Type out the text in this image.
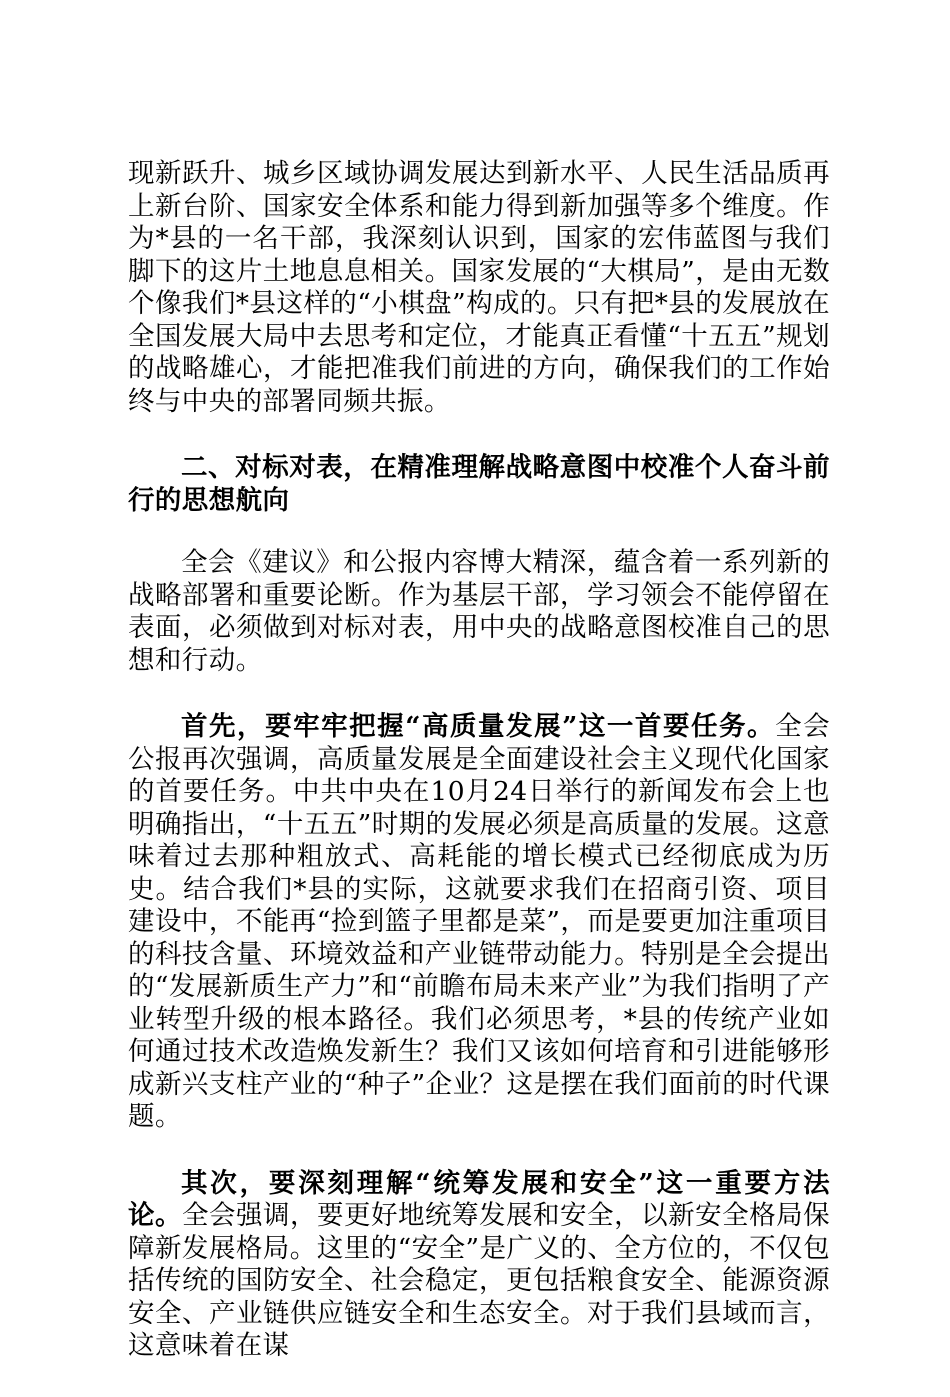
现新跃升、城乡区域协调发展达到新水平、人民生活品质再上新台阶、国家安全体系和能力得到新加强等多个维度。作为*县的一名干部，我深刻认识到，国家的宏伟蓝图与我们脚下的这片土地息息相关。国家发展的“大棋局”，是由无数个像我们*县这样的“小棋盘”构成的。只有把*县的发展放在全国发展大局中去思考和定位，才能真正看懂“十五五”规划的战略雄心，才能把准我们前进的方向，确保我们的工作始终与中央的部署同频共振。

二、对标对表，在精准理解战略意图中校准个人奋斗前行的思想航向

全会《建议》和公报内容博大精深，蕴含着一系列新的战略部署和重要论断。作为基层干部，学习领会不能停留在表面，必须做到对标对表，用中央的战略意图校准自己的思想和行动。

首先，要牢牢把握“高质量发展”这一首要任务。全会公报再次强调，高质量发展是全面建设社会主义现代化国家的首要任务。中共中央在10月24日举行的新闻发布会上也明确指出，“十五五”时期的发展必须是高质量的发展。这意味着过去那种粗放式、高耗能的增长模式已经彻底成为历史。结合我们*县的实际，这就要求我们在招商引资、项目建设中，不能再“捡到篮子里都是菜”，而是要更加注重项目的科技含量、环境效益和产业链带动能力。特别是全会提出的“发展新质生产力”和“前瞻布局未来产业”为我们指明了产业转型升级的根本路径。我们必须思考，*县的传统产业如何通过技术改造焕发新生？我们又该如何培育和引进能够形成新兴支柱产业的“种子”企业？这是摆在我们面前的时代课题。

其次，要深刻理解“统筹发展和安全”这一重要方法论。全会强调，要更好地统筹发展和安全，以新安全格局保障新发展格局。这里的“安全”是广义的、全方位的，不仅包括传统的国防安全、社会稳定，更包括粮食安全、能源资源安全、产业链供应链安全和生态安全。对于我们县域而言，这意味着在谋
